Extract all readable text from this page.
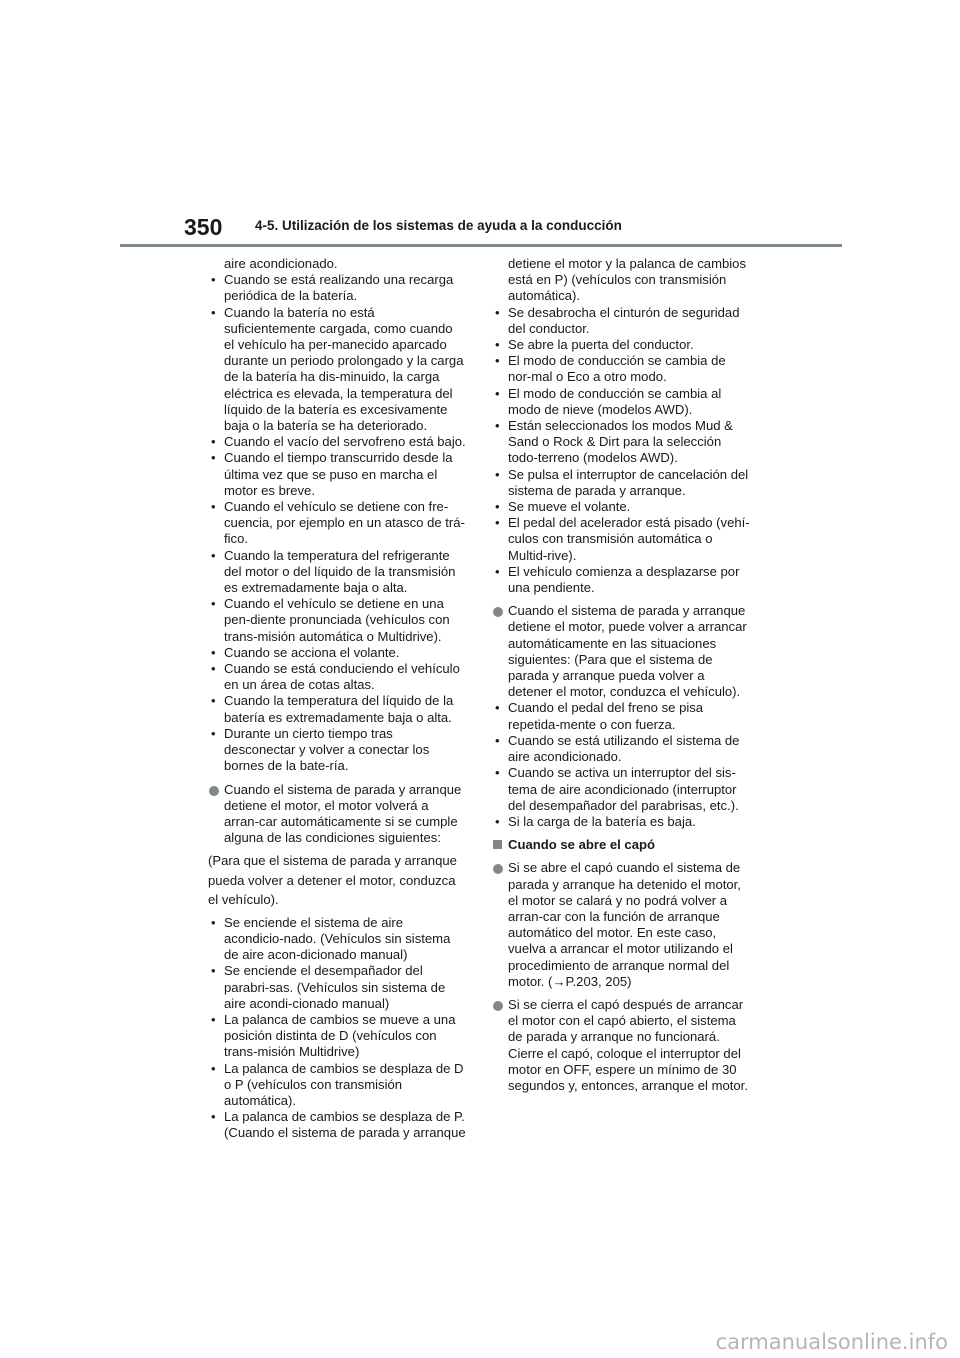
350 4-5. Utilización de los sistemas de ayuda a la conducción

aire acondicionado.

• Cuando se está realizando una recarga periódica de la batería.
• Cuando la batería no está suficientemente cargada, como cuando el vehículo ha per-manecido aparcado durante un periodo prolongado y la carga de la batería ha dis-minuido, la carga eléctrica es elevada, la temperatura del líquido de la batería es excesivamente baja o la batería se ha deteriorado.
• Cuando el vacío del servofreno está bajo.
• Cuando el tiempo transcurrido desde la última vez que se puso en marcha el motor es breve.
• Cuando el vehículo se detiene con fre-cuencia, por ejemplo en un atasco de trá-fico.
• Cuando la temperatura del refrigerante del motor o del líquido de la transmisión es extremadamente baja o alta.
• Cuando el vehículo se detiene en una pen-diente pronunciada (vehículos con trans-misión automática o Multidrive).
• Cuando se acciona el volante.
• Cuando se está conduciendo el vehículo en un área de cotas altas.
• Cuando la temperatura del líquido de la batería es extremadamente baja o alta.
• Durante un cierto tiempo tras desconectar y volver a conectar los bornes de la bate-ría.
Cuando el sistema de parada y arranque detiene el motor, el motor volverá a arran-car automáticamente si se cumple alguna de las condiciones siguientes:

(Para que el sistema de parada y arranque pueda volver a detener el motor, conduzca el vehículo).

• Se enciende el sistema de aire acondicio-nado. (Vehículos sin sistema de aire acon-dicionado manual)
• Se enciende el desempañador del parabri-sas. (Vehículos sin sistema de aire acondi-cionado manual)
• La palanca de cambios se mueve a una posición distinta de D (vehículos con trans-misión Multidrive)
• La palanca de cambios se desplaza de D o P (vehículos con transmisión automática).
• La palanca de cambios se desplaza de P. (Cuando el sistema de parada y arranque

detiene el motor y la palanca de cambios está en P) (vehículos con transmisión automática).

• Se desabrocha el cinturón de seguridad del conductor.
• Se abre la puerta del conductor.
• El modo de conducción se cambia de nor-mal o Eco a otro modo.
• El modo de conducción se cambia al modo de nieve (modelos AWD).
• Están seleccionados los modos Mud & Sand o Rock & Dirt para la selección todo-terreno (modelos AWD).
• Se pulsa el interruptor de cancelación del sistema de parada y arranque.
• Se mueve el volante.
• El pedal del acelerador está pisado (vehí-culos con transmisión automática o Multid-rive).
• El vehículo comienza a desplazarse por una pendiente.
Cuando el sistema de parada y arranque detiene el motor, puede volver a arrancar automáticamente en las situaciones siguientes: (Para que el sistema de parada y arranque pueda volver a detener el motor, conduzca el vehículo).
• Cuando el pedal del freno se pisa repetida-mente o con fuerza.
• Cuando se está utilizando el sistema de aire acondicionado.
• Cuando se activa un interruptor del sis-tema de aire acondicionado (interruptor del desempañador del parabrisas, etc.).
• Si la carga de la batería es baja.
Cuando se abre el capó
Si se abre el capó cuando el sistema de parada y arranque ha detenido el motor, el motor se calará y no podrá volver a arran-car con la función de arranque automático del motor. En este caso, vuelva a arrancar el motor utilizando el procedimiento de arranque normal del motor. (→P.203, 205)
Si se cierra el capó después de arrancar el motor con el capó abierto, el sistema de parada y arranque no funcionará. Cierre el capó, coloque el interruptor del motor en OFF, espere un mínimo de 30 segundos y, entonces, arranque el motor.
carmanualsonline.info
